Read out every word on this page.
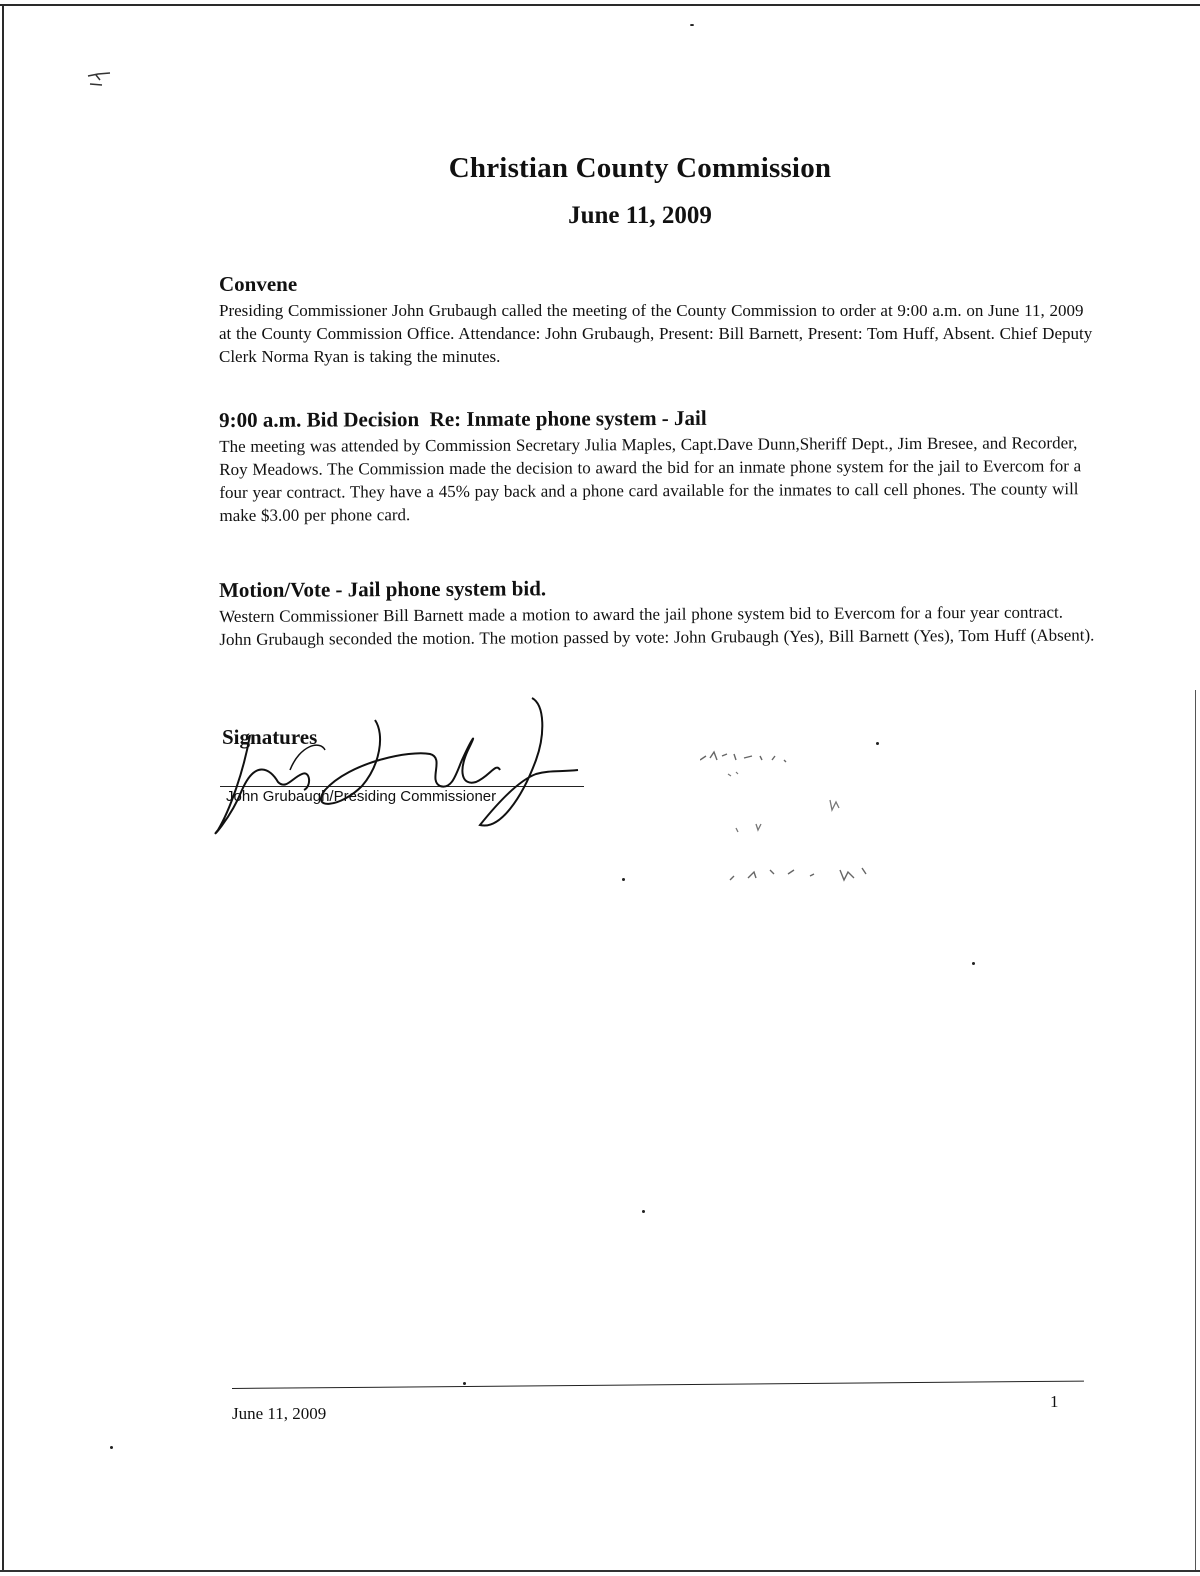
Christian County Commission
June 11, 2009
Convene

Presiding Commissioner John Grubaugh called the meeting of the County Commission to order at 9:00 a.m. on June 11, 2009 at the County Commission Office. Attendance: John Grubaugh, Present: Bill Barnett, Present: Tom Huff, Absent. Chief Deputy Clerk Norma Ryan is taking the minutes.

9:00 a.m. Bid Decision  Re: Inmate phone system - Jail

The meeting was attended by Commission Secretary Julia Maples, Capt.Dave Dunn,Sheriff Dept., Jim Bresee, and Recorder, Roy Meadows. The Commission made the decision to award the bid for an inmate phone system for the jail to Evercom for a four year contract. They have a 45% pay back and a phone card available for the inmates to call cell phones. The county will make $3.00 per phone card.

Motion/Vote - Jail phone system bid.

Western Commissioner Bill Barnett made a motion to award the jail phone system bid to Evercom for a four year contract. John Grubaugh seconded the motion. The motion passed by vote: John Grubaugh (Yes), Bill Barnett (Yes), Tom Huff (Absent).

Signatures
John Grubaugh/Presiding Commissioner
June 11, 2009
1
